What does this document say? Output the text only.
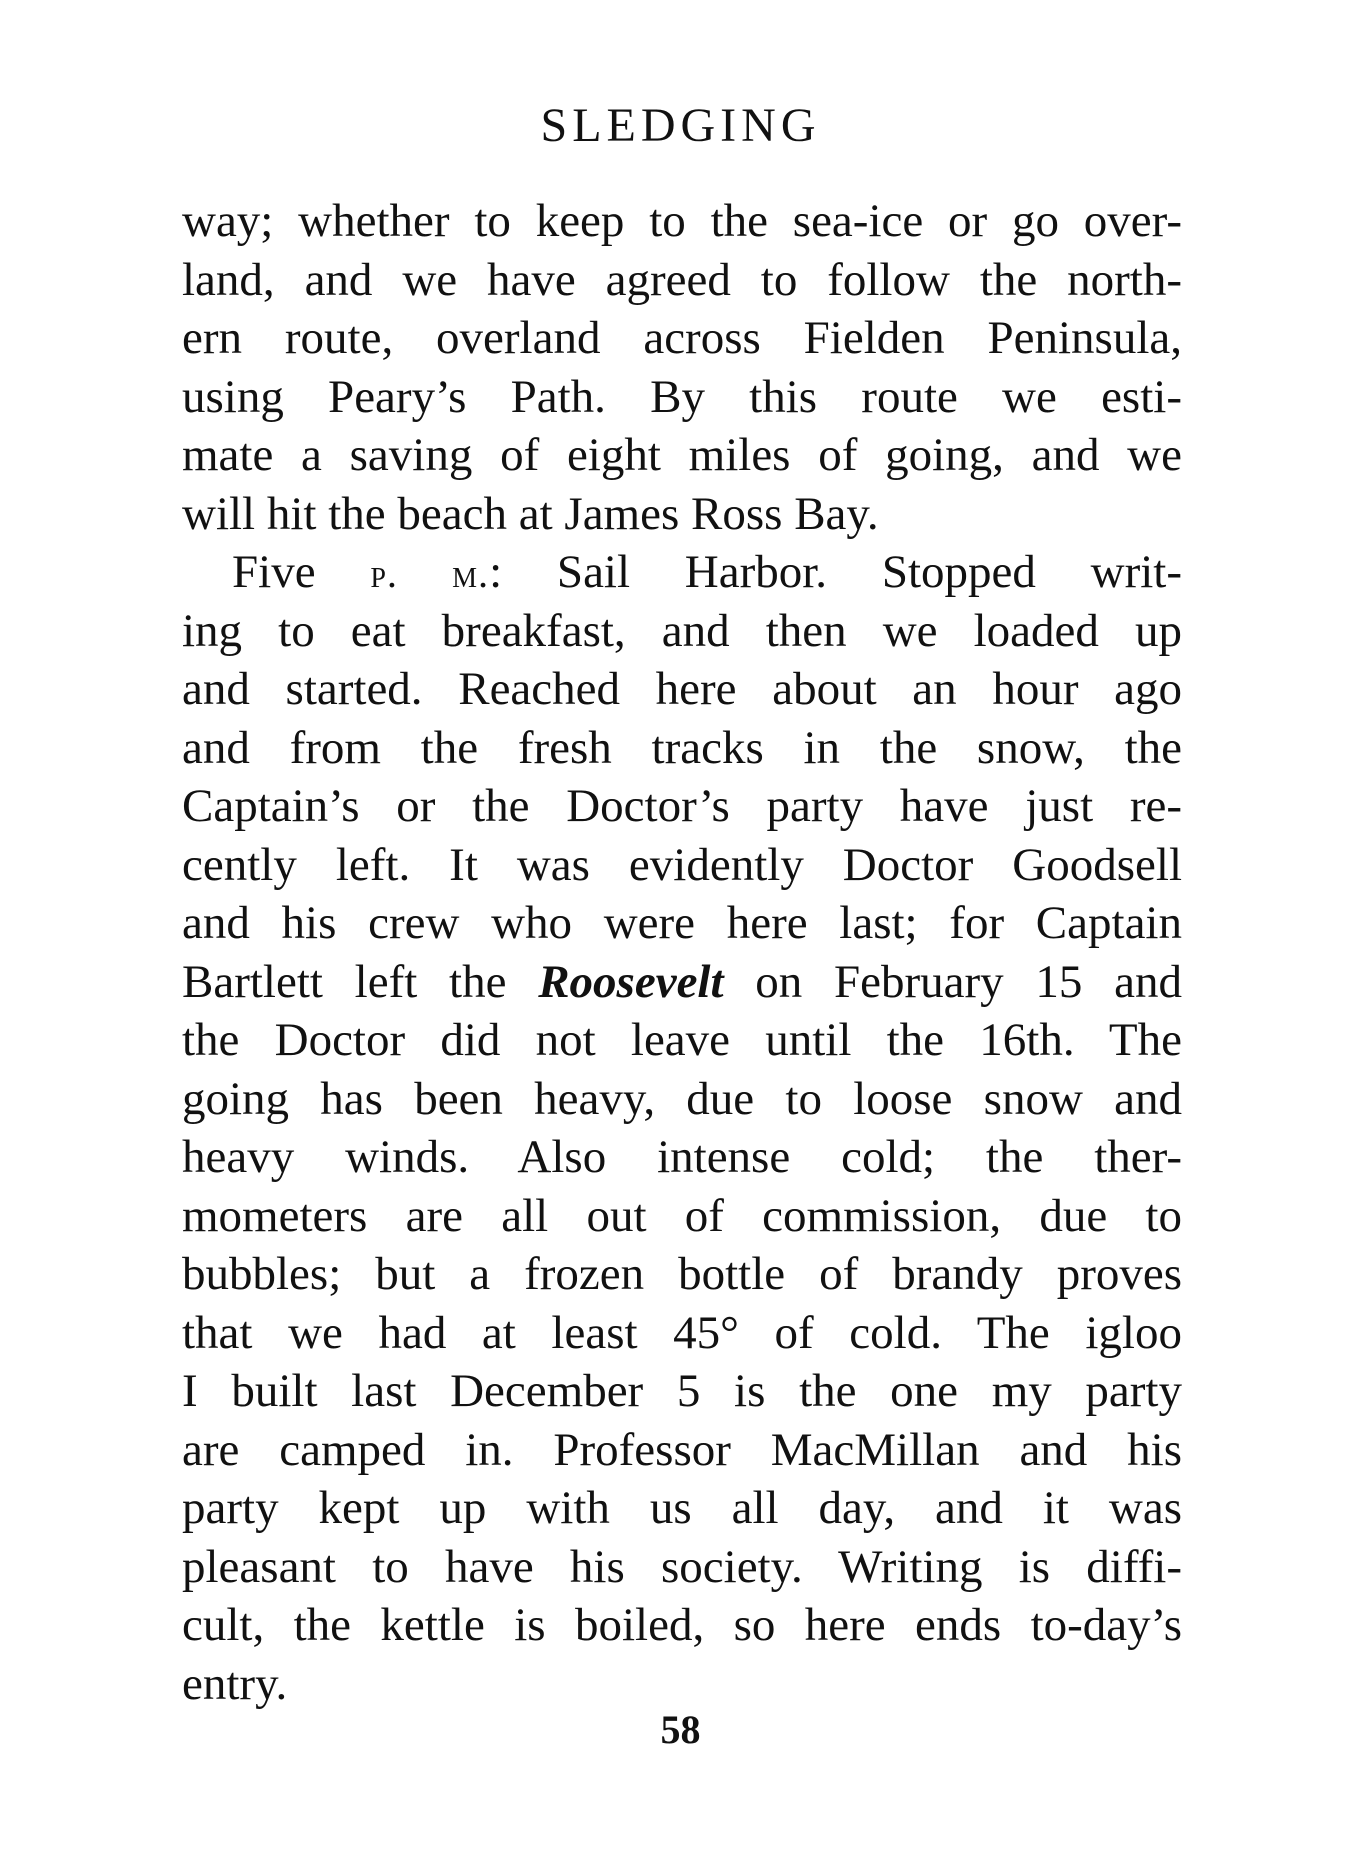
SLEDGING
way; whether to keep to the sea-ice or go over-
land, and we have agreed to follow the north-
ern route, overland across Fielden Peninsula,
using Peary’s Path. By this route we esti-
mate a saving of eight miles of going, and we
will hit the beach at James Ross Bay.
Five p. m.: Sail Harbor. Stopped writ-
ing to eat breakfast, and then we loaded up
and started. Reached here about an hour ago
and from the fresh tracks in the snow, the
Captain’s or the Doctor’s party have just re-
cently left. It was evidently Doctor Goodsell
and his crew who were here last; for Captain
Bartlett left the Roosevelt on February 15 and
the Doctor did not leave until the 16th. The
going has been heavy, due to loose snow and
heavy winds. Also intense cold; the ther-
mometers are all out of commission, due to
bubbles; but a frozen bottle of brandy proves
that we had at least 45° of cold. The igloo
I built last December 5 is the one my party
are camped in. Professor MacMillan and his
party kept up with us all day, and it was
pleasant to have his society. Writing is diffi-
cult, the kettle is boiled, so here ends to-day’s
entry.
58
